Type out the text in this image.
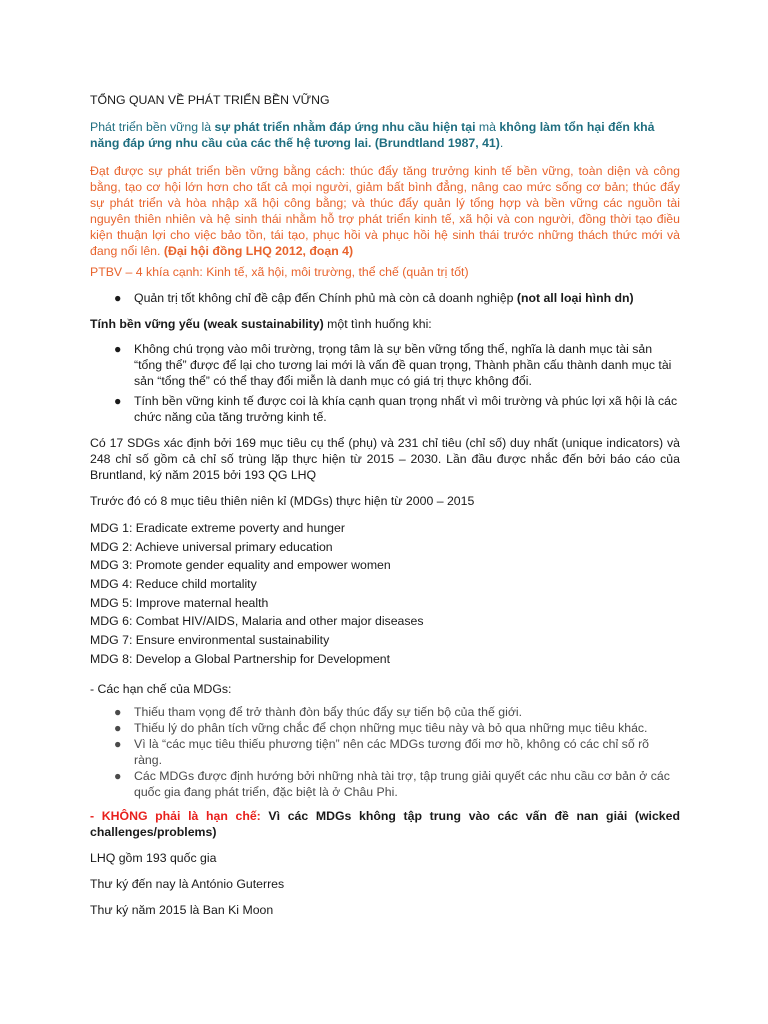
TỔNG QUAN VỀ PHÁT TRIỂN BỀN VỮNG
Phát triển bền vững là sự phát triển nhằm đáp ứng nhu cầu hiện tại mà không làm tổn hại đến khả năng đáp ứng nhu cầu của các thế hệ tương lai. (Brundtland 1987, 41).
Đạt được sự phát triển bền vững bằng cách: thúc đẩy tăng trưởng kinh tế bền vững, toàn diện và công bằng, tạo cơ hội lớn hơn cho tất cả mọi người, giảm bất bình đẳng, nâng cao mức sống cơ bản; thúc đẩy sự phát triển và hòa nhập xã hội công bằng; và thúc đẩy quản lý tổng hợp và bền vững các nguồn tài nguyên thiên nhiên và hệ sinh thái nhằm hỗ trợ phát triển kinh tế, xã hội và con người, đồng thời tạo điều kiện thuận lợi cho việc bảo tồn, tái tạo, phục hồi và phục hồi hệ sinh thái trước những thách thức mới và đang nổi lên. (Đại hội đồng LHQ 2012, đoạn 4)
PTBV – 4 khía cạnh: Kinh tế, xã hội, môi trường, thể chế (quản trị tốt)
● Quản trị tốt không chỉ đề cập đến Chính phủ mà còn cả doanh nghiệp (not all loại hình dn)
Tính bền vững yếu (weak sustainability) một tình huống khi:
● Không chú trọng vào môi trường, trọng tâm là sự bền vững tổng thể, nghĩa là danh mục tài sản “tổng thể” được để lại cho tương lai mới là vấn đề quan trọng, Thành phần cấu thành danh mục tài sản “tổng thể” có thể thay đổi miễn là danh mục có giá trị thực không đổi.
● Tính bền vững kinh tế được coi là khía cạnh quan trọng nhất vì môi trường và phúc lợi xã hội là các chức năng của tăng trưởng kinh tế.
Có 17 SDGs xác định bởi 169 mục tiêu cụ thể (phụ) và 231 chỉ tiêu (chỉ số) duy nhất (unique indicators) và 248 chỉ số gồm cả chỉ số trùng lặp thực hiện từ 2015 – 2030. Lần đầu được nhắc đến bởi báo cáo của Bruntland, ký năm 2015 bởi 193 QG LHQ
Trước đó có 8 mục tiêu thiên niên kỉ (MDGs) thực hiện từ 2000 – 2015
MDG 1: Eradicate extreme poverty and hunger
MDG 2: Achieve universal primary education
MDG 3: Promote gender equality and empower women
MDG 4: Reduce child mortality
MDG 5: Improve maternal health
MDG 6: Combat HIV/AIDS, Malaria and other major diseases
MDG 7: Ensure environmental sustainability
MDG 8: Develop a Global Partnership for Development
- Các hạn chế của MDGs:
● Thiếu tham vọng để trở thành đòn bẩy thúc đẩy sự tiến bộ của thế giới.
● Thiếu lý do phân tích vững chắc để chọn những mục tiêu này và bỏ qua những mục tiêu khác.
● Vì là “các mục tiêu thiếu phương tiện” nên các MDGs tương đối mơ hồ, không có các chỉ số rõ ràng.
● Các MDGs được định hướng bởi những nhà tài trợ, tập trung giải quyết các nhu cầu cơ bản ở các quốc gia đang phát triển, đặc biệt là ở Châu Phi.
- KHÔNG phải là hạn chế: Vì các MDGs không tập trung vào các vấn đề nan giải (wicked challenges/problems)
LHQ gồm 193 quốc gia
Thư ký đến nay là António Guterres
Thư ký năm 2015 là Ban Ki Moon
